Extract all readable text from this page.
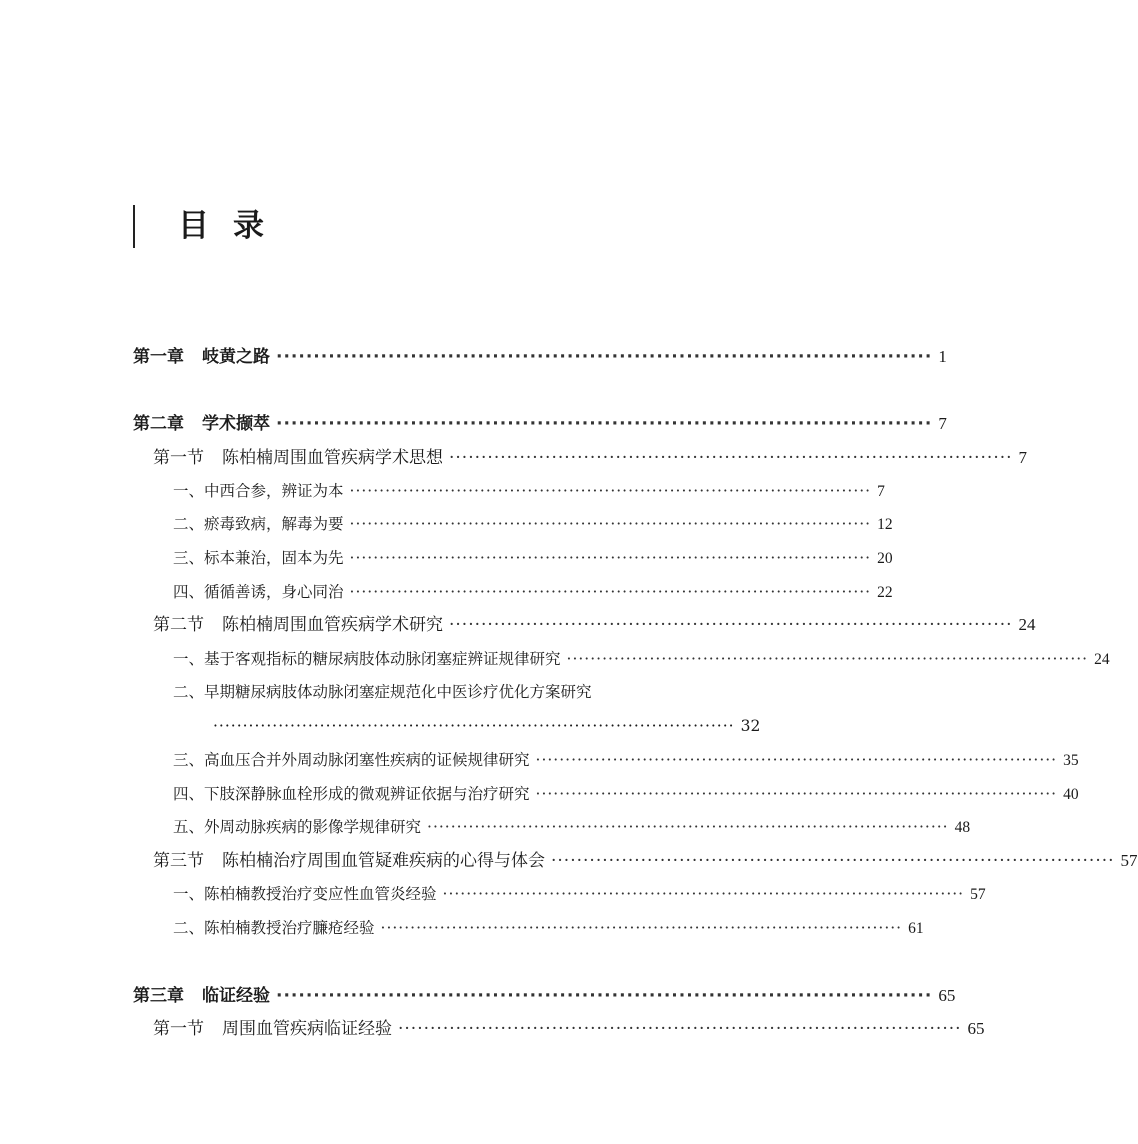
目录
第一章 岐黄之路 ························································································ 1
第二章 学术撷萃 ························································································ 7
第一节 陈柏楠周围血管疾病学术思想 ························································································ 7
一、中西合参，辨证为本 ························································································ 7
二、瘀毒致病，解毒为要 ························································································ 12
三、标本兼治，固本为先 ························································································ 20
四、循循善诱，身心同治 ························································································ 22
第二节 陈柏楠周围血管疾病学术研究 ························································································ 24
一、基于客观指标的糖尿病肢体动脉闭塞症辨证规律研究 ························································································ 24
二、早期糖尿病肢体动脉闭塞症规范化中医诊疗优化方案研究
························································································ 32
三、高血压合并外周动脉闭塞性疾病的证候规律研究 ························································································ 35
四、下肢深静脉血栓形成的微观辨证依据与治疗研究 ························································································ 40
五、外周动脉疾病的影像学规律研究 ························································································ 48
第三节 陈柏楠治疗周围血管疑难疾病的心得与体会 ························································································ 57
一、陈柏楠教授治疗变应性血管炎经验 ························································································ 57
二、陈柏楠教授治疗臁疮经验 ························································································ 61
第三章 临证经验 ························································································ 65
第一节 周围血管疾病临证经验 ························································································ 65
